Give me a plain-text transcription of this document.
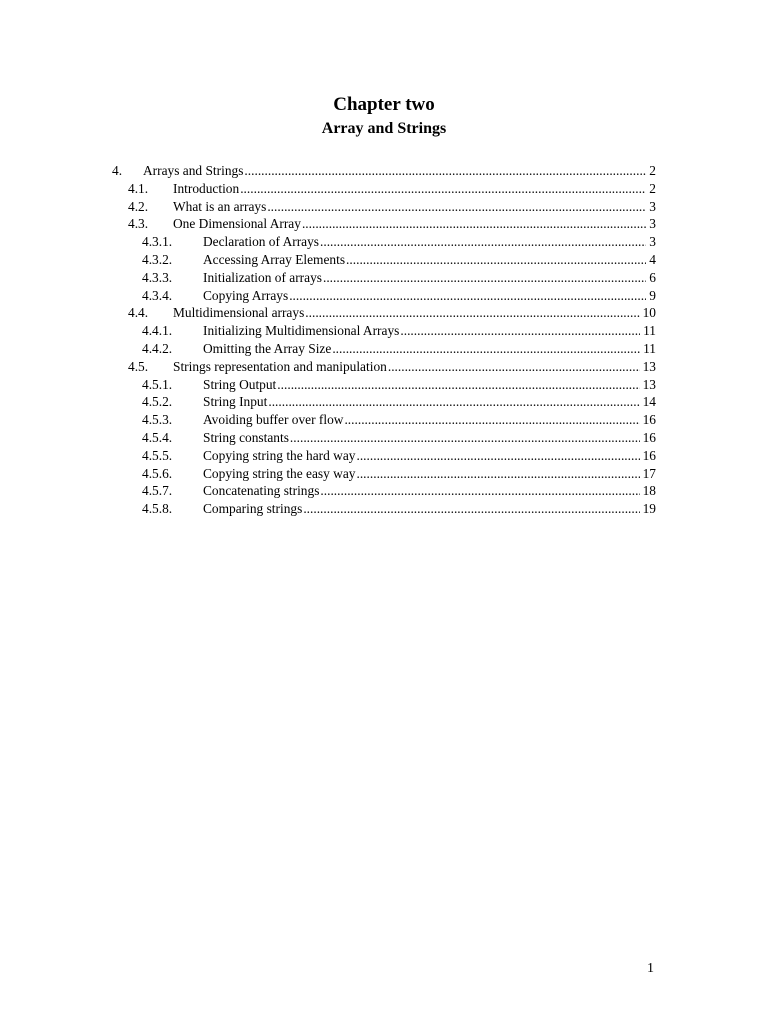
Chapter two
Array and Strings
4. Arrays and Strings .....	2
4.1. Introduction .....	2
4.2. What is an arrays .....	3
4.3. One Dimensional Array .....	3
4.3.1. Declaration of Arrays .....	3
4.3.2. Accessing Array Elements .....	4
4.3.3. Initialization of arrays .....	6
4.3.4. Copying Arrays .....	9
4.4. Multidimensional arrays .....	10
4.4.1. Initializing Multidimensional Arrays .....	11
4.4.2. Omitting the Array Size .....	11
4.5. Strings representation and manipulation .....	13
4.5.1. String Output .....	13
4.5.2. String Input .....	14
4.5.3. Avoiding buffer over flow .....	16
4.5.4. String constants .....	16
4.5.5. Copying string the hard way .....	16
4.5.6. Copying string the easy way .....	17
4.5.7. Concatenating strings .....	18
4.5.8. Comparing strings .....	19
1
